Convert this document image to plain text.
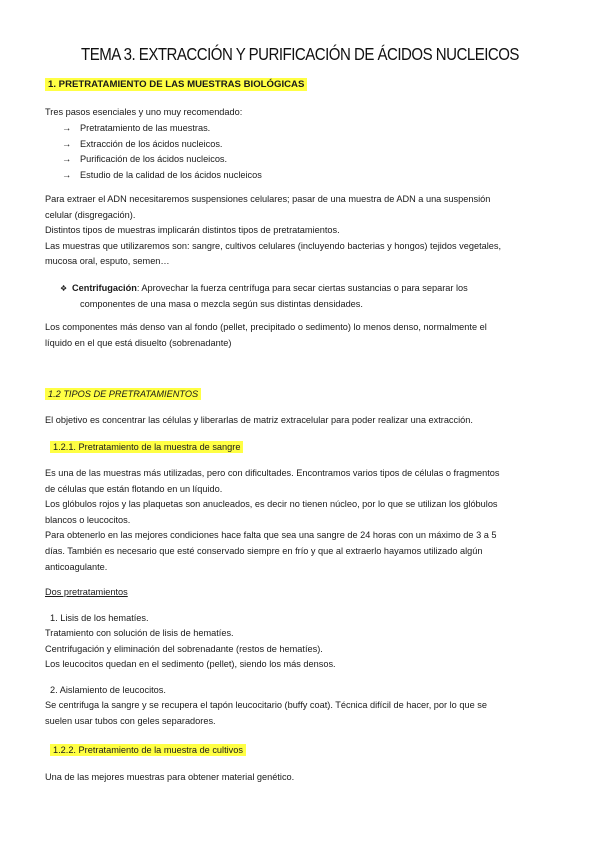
TEMA 3. EXTRACCIÓN Y PURIFICACIÓN DE ÁCIDOS NUCLEICOS
1. PRETRATAMIENTO DE LAS MUESTRAS BIOLÓGICAS
Tres pasos esenciales y uno muy recomendado:
→ Pretratamiento de las muestras.
→ Extracción de los ácidos nucleicos.
→ Purificación de los ácidos nucleicos.
→ Estudio de la calidad de los ácidos nucleicos
Para extraer el ADN necesitaremos suspensiones celulares; pasar de una muestra de ADN a una suspensión
celular (disgregación).
Distintos tipos de muestras implicarán distintos tipos de pretratamientos.
Las muestras que utilizaremos son: sangre, cultivos celulares (incluyendo bacterias y hongos) tejidos vegetales,
mucosa oral, esputo, semen…
❖ Centrifugación: Aprovechar la fuerza centrífuga para secar ciertas sustancias o para separar los
componentes de una masa o mezcla según sus distintas densidades.
Los componentes más denso van al fondo (pellet, precipitado o sedimento) lo menos denso, normalmente el
líquido en el que está disuelto (sobrenadante)
1.2 TIPOS DE PRETRATAMIENTOS
El objetivo es concentrar las células y liberarlas de matriz extracelular para poder realizar una extracción.
1.2.1. Pretratamiento de la muestra de sangre
Es una de las muestras más utilizadas, pero con dificultades. Encontramos varios tipos de células o fragmentos
de células que están flotando en un líquido.
Los glóbulos rojos y las plaquetas son anucleados, es decir no tienen núcleo, por lo que se utilizan los glóbulos
blancos o leucocitos.
Para obtenerlo en las mejores condiciones hace falta que sea una sangre de 24 horas con un máximo de 3 a 5
días. También es necesario que esté conservado siempre en frío y que al extraerlo hayamos utilizado algún
anticoagulante.
Dos pretratamientos
1. Lisis de los hematíes.
Tratamiento con solución de lisis de hematíes.
Centrifugación y eliminación del sobrenadante (restos de hematíes).
Los leucocitos quedan en el sedimento (pellet), siendo los más densos.
2. Aislamiento de leucocitos.
Se centrifuga la sangre y se recupera el tapón leucocitario (buffy coat). Técnica difícil de hacer, por lo que se
suelen usar tubos con geles separadores.
1.2.2. Pretratamiento de la muestra de cultivos
Una de las mejores muestras para obtener material genético.
